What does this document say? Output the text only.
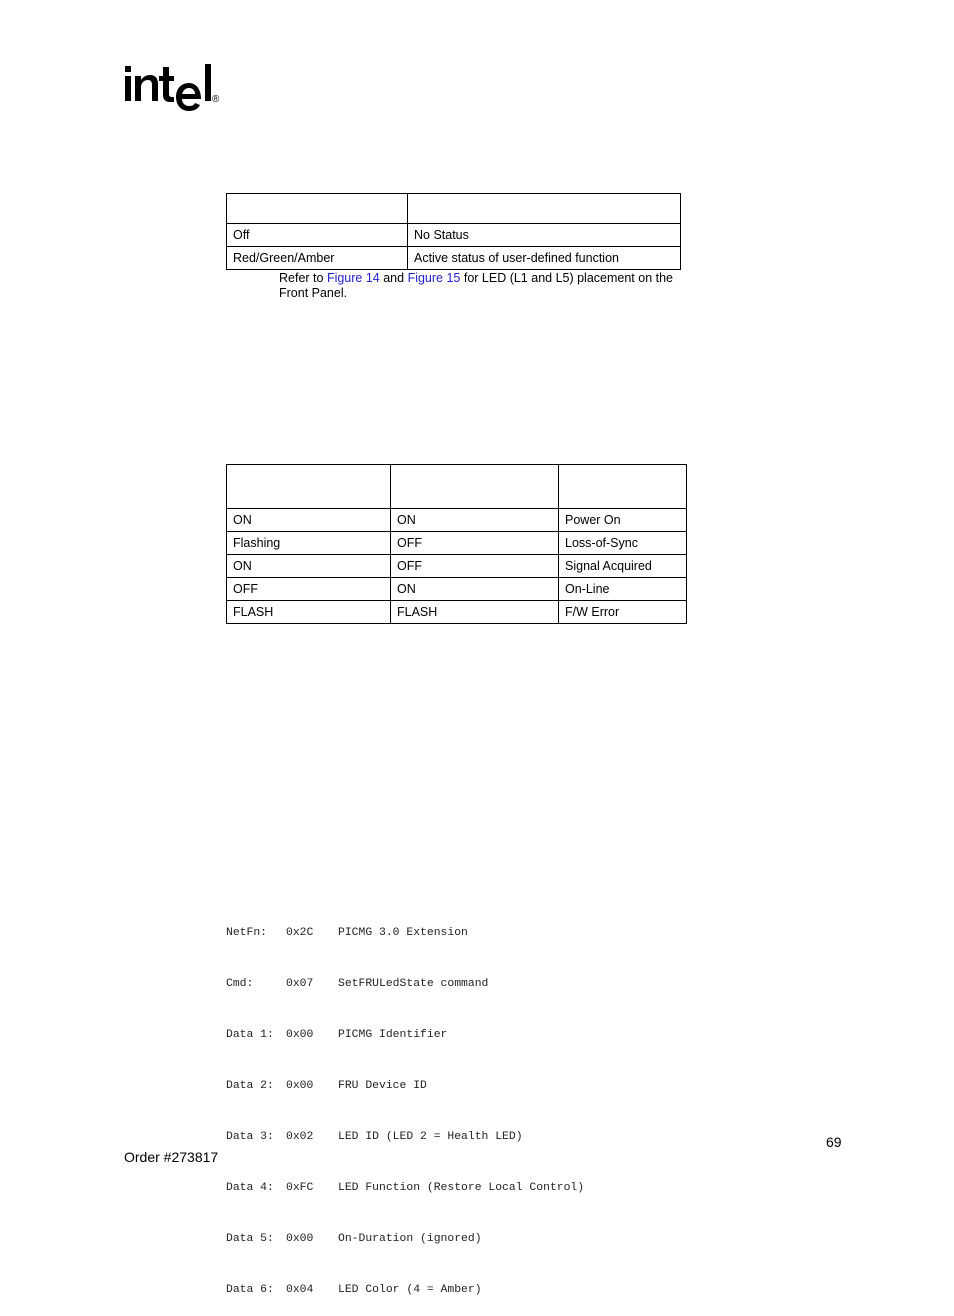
®

Off	No Status
Red/Green/Amber	Active status of user-defined function
Refer to Figure 14 and Figure 15 for LED (L1 and L5) placement on the Front Panel.

ON	ON	Power On
Flashing	OFF	Loss-of-Sync
ON	OFF	Signal Acquired
OFF	ON	On-Line
FLASH	FLASH	F/W Error

NetFn: 0x2C PICMG 3.0 Extension

Cmd:	0x07 SetFRULedState command

Data 1: 0x00 PICMG Identifier

Data 2: 0x00 FRU Device ID

Data 3: 0x02 LED ID (LED 2 = Health LED)

Data 4: 0xFC LED Function (Restore Local Control)

Data 5: 0x00 On-Duration (ignored)

Data 6: 0x04 LED Color (4 = Amber)

69
Order #273817
